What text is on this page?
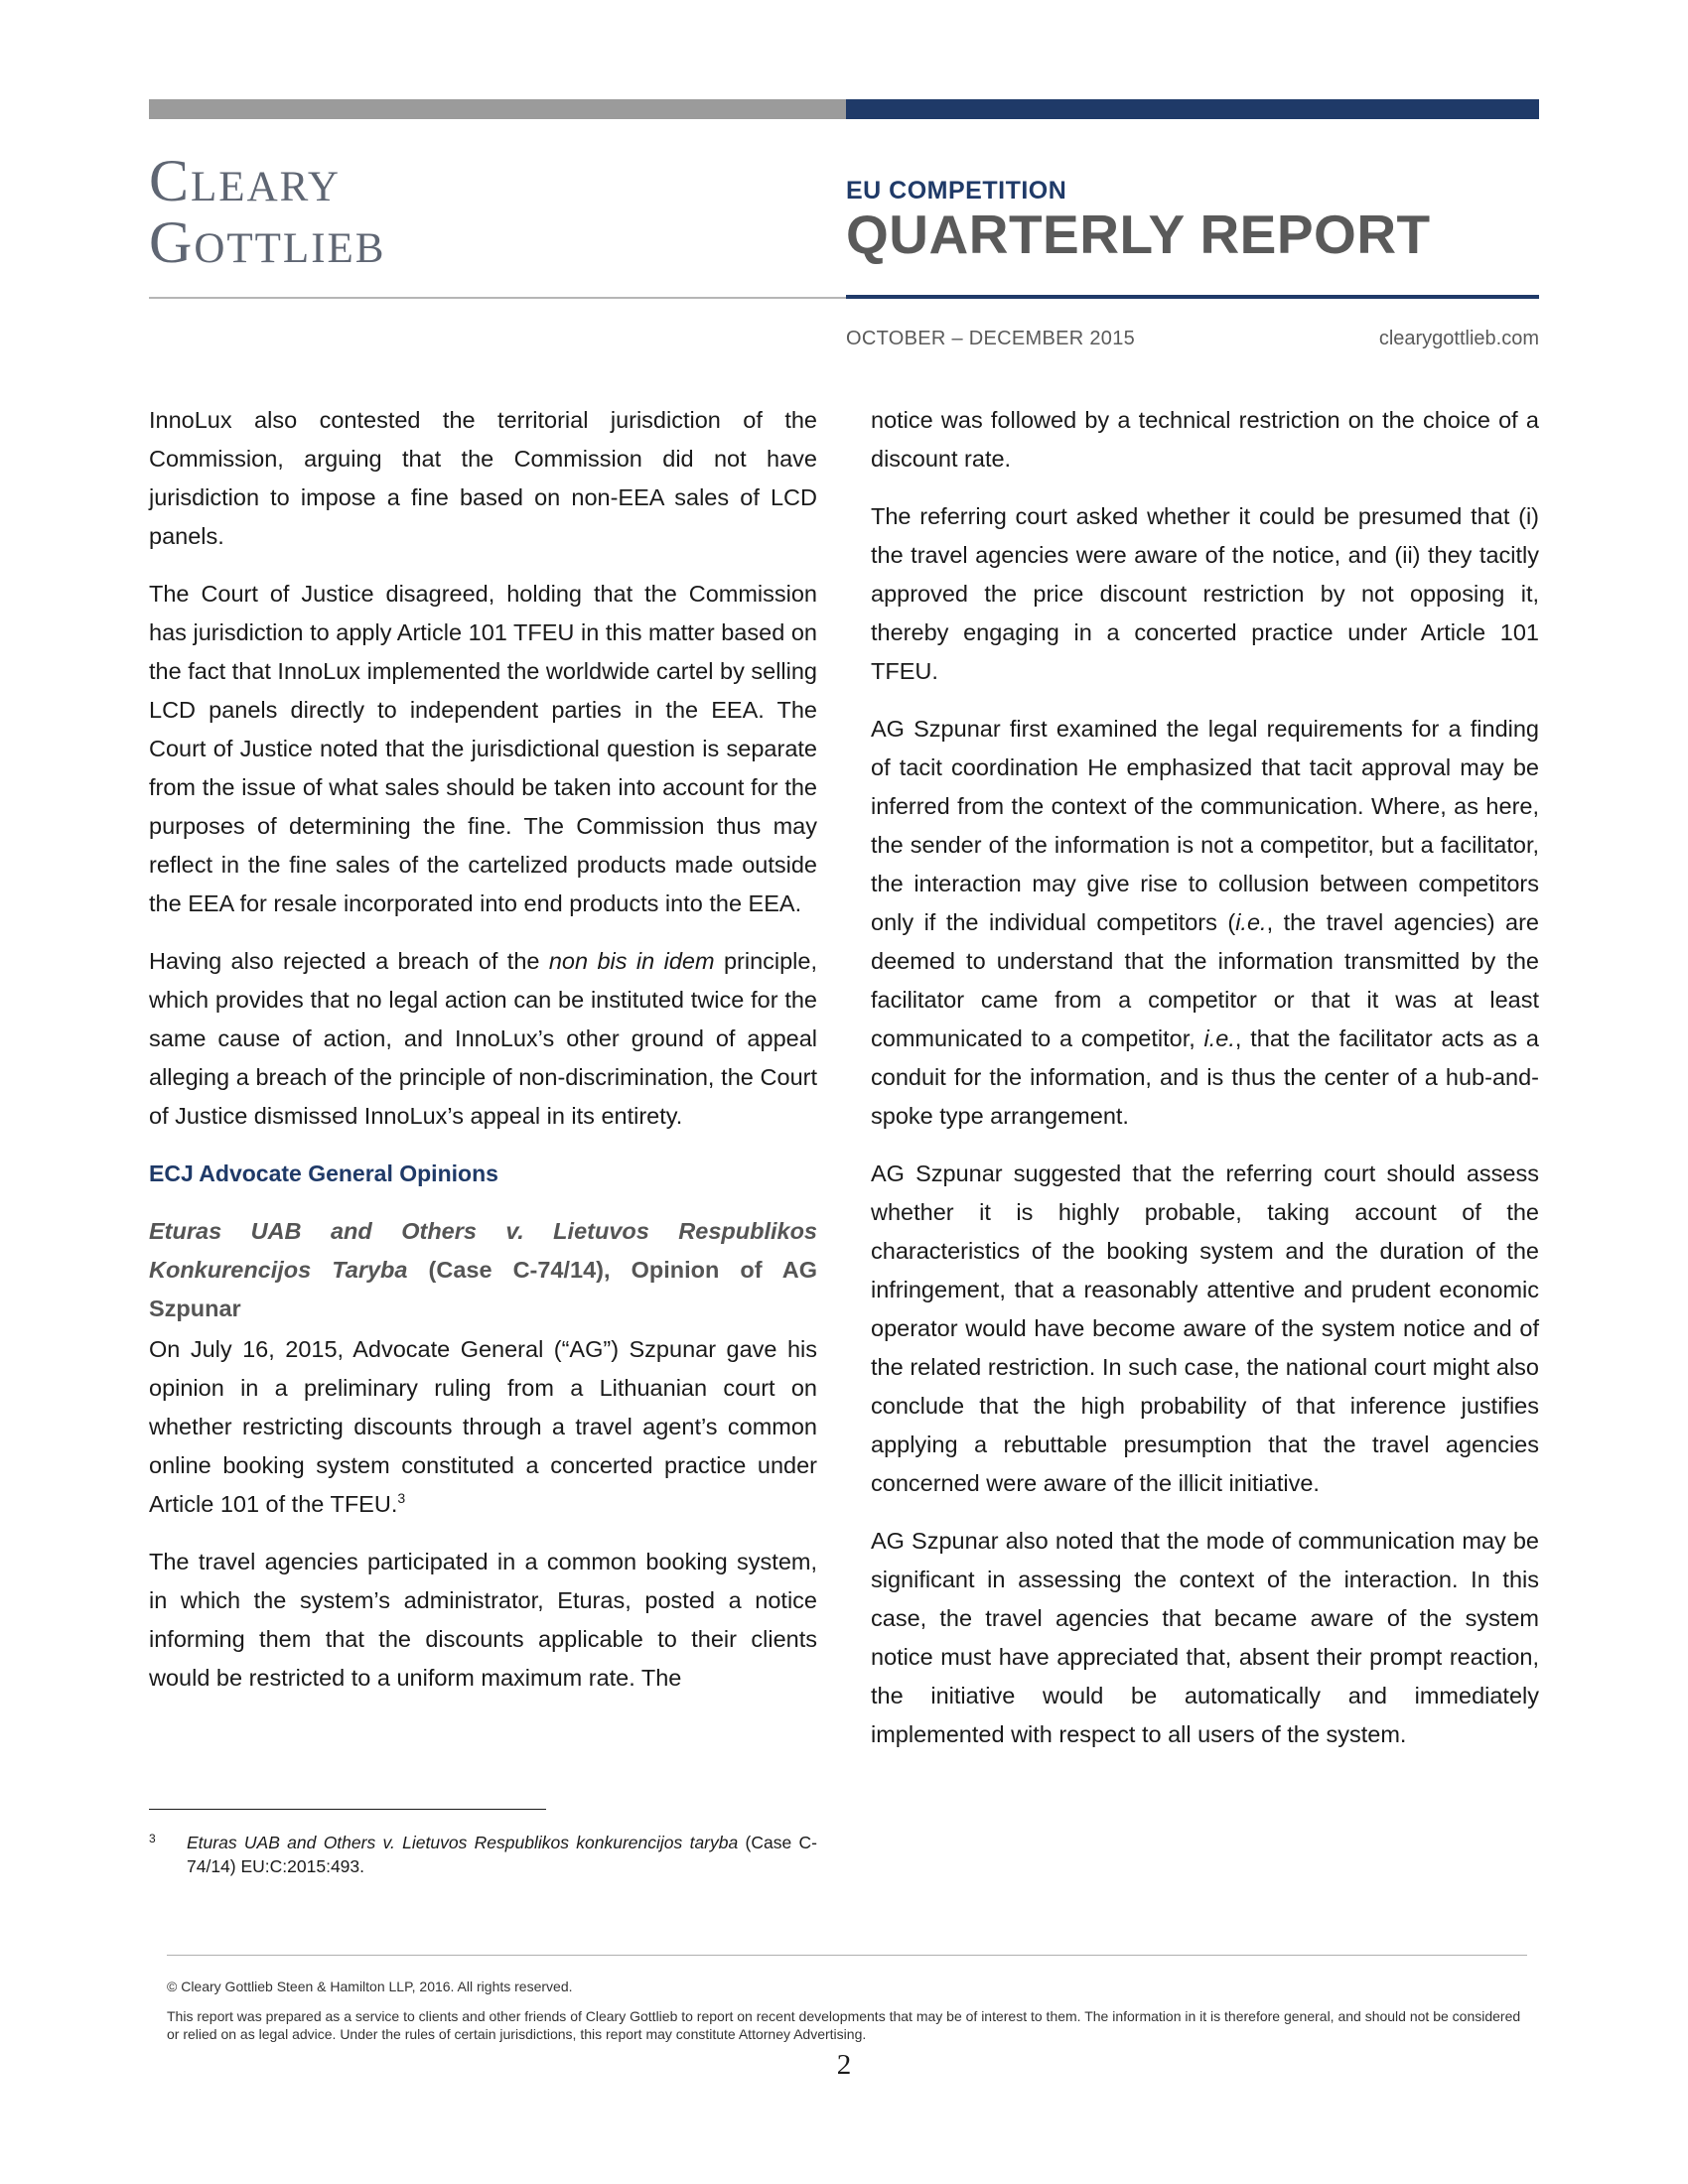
CLEARY
GOTTLIEB
EU COMPETITION
QUARTERLY REPORT
OCTOBER – DECEMBER 2015	clearygottlieb.com

InnoLux also contested the territorial jurisdiction of the Commission, arguing that the Commission did not have jurisdiction to impose a fine based on non-EEA sales of LCD panels.

The Court of Justice disagreed, holding that the Commission has jurisdiction to apply Article 101 TFEU in this matter based on the fact that InnoLux implemented the worldwide cartel by selling LCD panels directly to independent parties in the EEA. The Court of Justice noted that the jurisdictional question is separate from the issue of what sales should be taken into account for the purposes of determining the fine. The Commission thus may reflect in the fine sales of the cartelized products made outside the EEA for resale incorporated into end products into the EEA.

Having also rejected a breach of the non bis in idem principle, which provides that no legal action can be instituted twice for the same cause of action, and InnoLux’s other ground of appeal alleging a breach of the principle of non-discrimination, the Court of Justice dismissed InnoLux’s appeal in its entirety.

ECJ Advocate General Opinions
Eturas UAB and Others v. Lietuvos Respublikos Konkurencijos Taryba (Case C-74/14), Opinion of AG Szpunar

On July 16, 2015, Advocate General (“AG”) Szpunar gave his opinion in a preliminary ruling from a Lithuanian court on whether restricting discounts through a travel agent’s common online booking system constituted a concerted practice under Article 101 of the TFEU.$^3$

The travel agencies participated in a common booking system, in which the system’s administrator, Eturas, posted a notice informing them that the discounts applicable to their clients would be restricted to a uniform maximum rate. The

3	Eturas UAB and Others v. Lietuvos Respublikos konkurencijos taryba (Case C-74/14) EU:C:2015:493.

notice was followed by a technical restriction on the choice of a discount rate.

The referring court asked whether it could be presumed that (i) the travel agencies were aware of the notice, and (ii) they tacitly approved the price discount restriction by not opposing it, thereby engaging in a concerted practice under Article 101 TFEU.

AG Szpunar first examined the legal requirements for a finding of tacit coordination He emphasized that tacit approval may be inferred from the context of the communication. Where, as here, the sender of the information is not a competitor, but a facilitator, the interaction may give rise to collusion between competitors only if the individual competitors (i.e., the travel agencies) are deemed to understand that the information transmitted by the facilitator came from a competitor or that it was at least communicated to a competitor, i.e., that the facilitator acts as a conduit for the information, and is thus the center of a hub-and-spoke type arrangement.

AG Szpunar suggested that the referring court should assess whether it is highly probable, taking account of the characteristics of the booking system and the duration of the infringement, that a reasonably attentive and prudent economic operator would have become aware of the system notice and of the related restriction. In such case, the national court might also conclude that the high probability of that inference justifies applying a rebuttable presumption that the travel agencies concerned were aware of the illicit initiative.

AG Szpunar also noted that the mode of communication may be significant in assessing the context of the interaction. In this case, the travel agencies that became aware of the system notice must have appreciated that, absent their prompt reaction, the initiative would be automatically and immediately implemented with respect to all users of the system.

© Cleary Gottlieb Steen & Hamilton LLP, 2016. All rights reserved.
This report was prepared as a service to clients and other friends of Cleary Gottlieb to report on recent developments that may be of interest to them. The information in it is therefore general, and should not be considered or relied on as legal advice. Under the rules of certain jurisdictions, this report may constitute Attorney Advertising.
2
